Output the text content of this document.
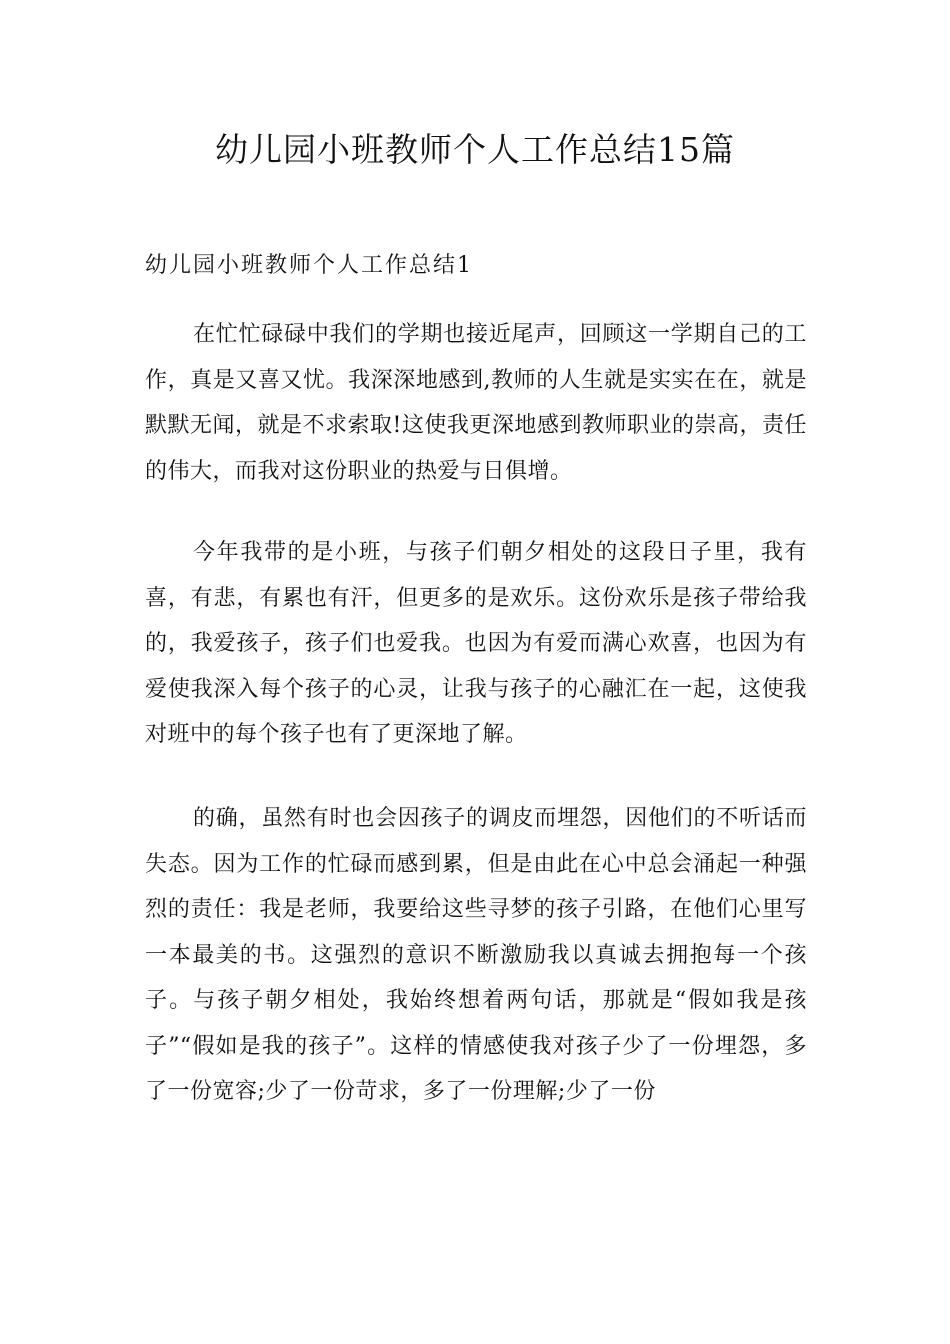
幼儿园小班教师个人工作总结15篇
幼儿园小班教师个人工作总结1

在忙忙碌碌中我们的学期也接近尾声，回顾这一学期自己的工作，真是又喜又忧。我深深地感到,教师的人生就是实实在在，就是默默无闻，就是不求索取!这使我更深地感到教师职业的崇高，责任的伟大，而我对这份职业的热爱与日俱增。

今年我带的是小班，与孩子们朝夕相处的这段日子里，我有喜，有悲，有累也有汗，但更多的是欢乐。这份欢乐是孩子带给我的，我爱孩子，孩子们也爱我。也因为有爱而满心欢喜，也因为有爱使我深入每个孩子的心灵，让我与孩子的心融汇在一起，这使我对班中的每个孩子也有了更深地了解。

的确，虽然有时也会因孩子的调皮而埋怨，因他们的不听话而失态。因为工作的忙碌而感到累，但是由此在心中总会涌起一种强烈的责任：我是老师，我要给这些寻梦的孩子引路，在他们心里写一本最美的书。这强烈的意识不断激励我以真诚去拥抱每一个孩子。与孩子朝夕相处，我始终想着两句话，那就是“假如我是孩子”“假如是我的孩子”。这样的情感使我对孩子少了一份埋怨，多了一份宽容;少了一份苛求，多了一份理解;少了一份
